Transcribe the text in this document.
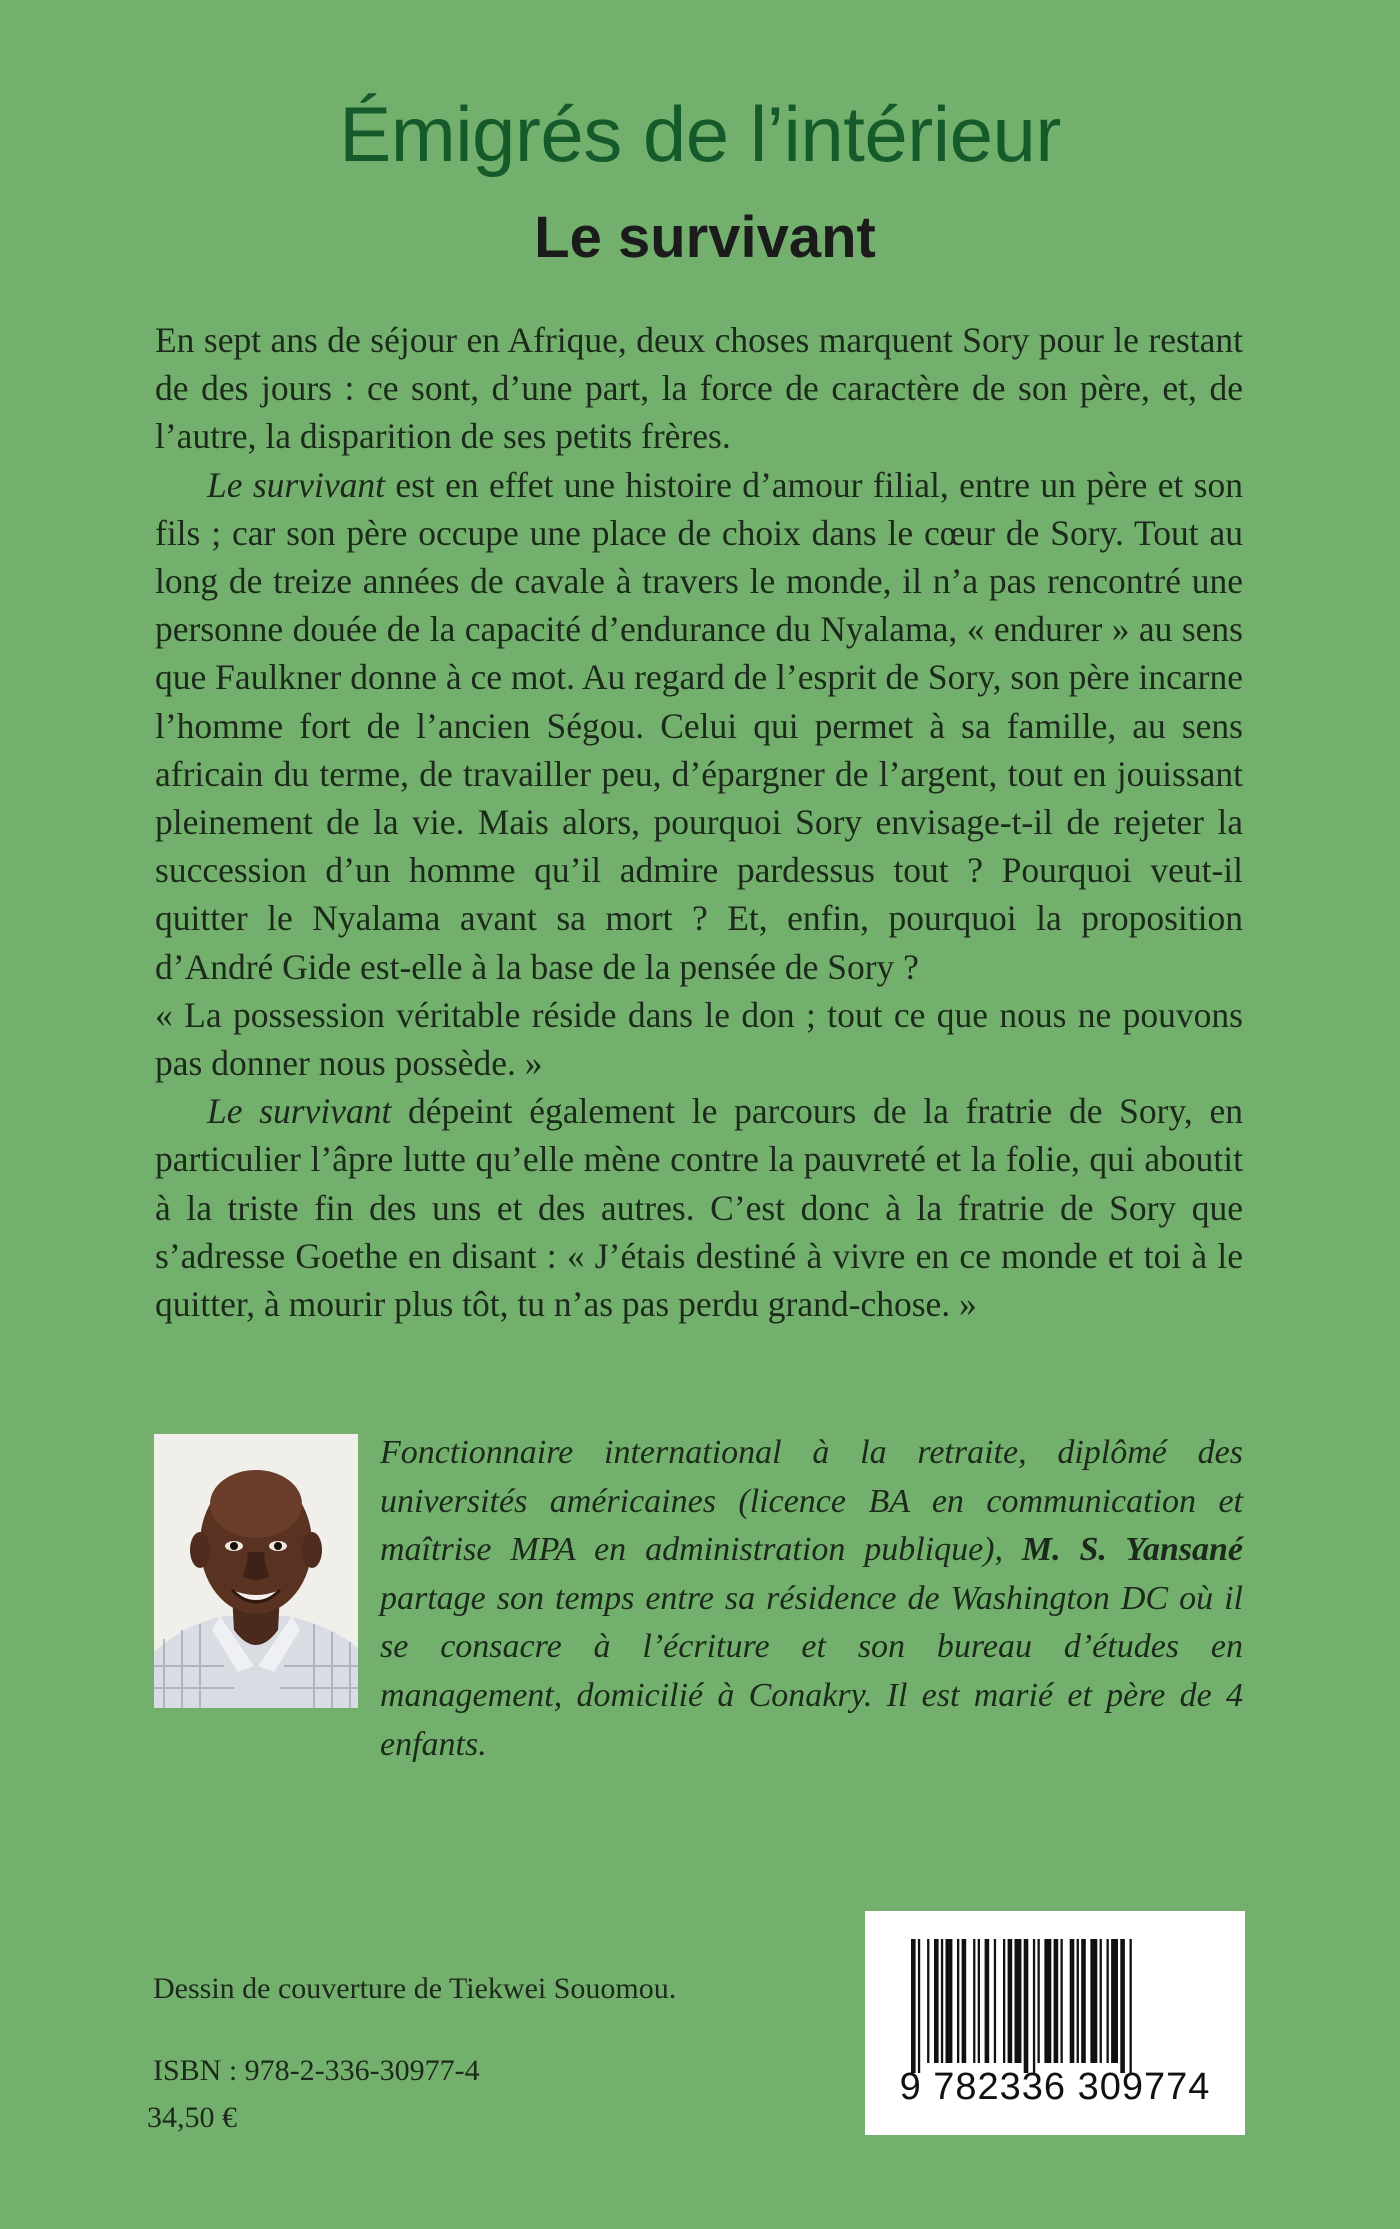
Émigrés de l’intérieur
Le survivant

En sept ans de séjour en Afrique, deux choses marquent Sory pour le restant de des jours : ce sont, d’une part, la force de caractère de son père, et, de l’autre, la disparition de ses petits frères.

Le survivant est en effet une histoire d’amour filial, entre un père et son fils ; car son père occupe une place de choix dans le cœur de Sory. Tout au long de treize années de cavale à travers le monde, il n’a pas rencontré une personne douée de la capacité d’endurance du Nyalama, « endurer » au sens que Faulkner donne à ce mot. Au regard de l’esprit de Sory, son père incarne l’homme fort de l’ancien Ségou. Celui qui permet à sa famille, au sens africain du terme, de travailler peu, d’épargner de l’argent, tout en jouissant pleinement de la vie. Mais alors, pourquoi Sory envisage-t-il de rejeter la succession d’un homme qu’il admire pardessus tout ? Pourquoi veut-il quitter le Nyalama avant sa mort ? Et, enfin, pourquoi la proposition d’André Gide est-elle à la base de la pensée de Sory ?

« La possession véritable réside dans le don ; tout ce que nous ne pouvons pas donner nous possède. »

Le survivant dépeint également le parcours de la fratrie de Sory, en particulier l’âpre lutte qu’elle mène contre la pauvreté et la folie, qui aboutit à la triste fin des uns et des autres. C’est donc à la fratrie de Sory que s’adresse Goethe en disant : « J’étais destiné à vivre en ce monde et toi à le quitter, à mourir plus tôt, tu n’as pas perdu grand-chose. »

Fonctionnaire international à la retraite, diplômé des universités américaines (licence BA en communication et maîtrise MPA en administration publique), M. S. Yansané partage son temps entre sa résidence de Washington DC où il se consacre à l’écriture et son bureau d’études en management, domicilié à Conakry. Il est marié et père de 4 enfants.

Dessin de couverture de Tiekwei Souomou.
ISBN : 978-2-336-30977-4
34,50 €
9 782336 309774
